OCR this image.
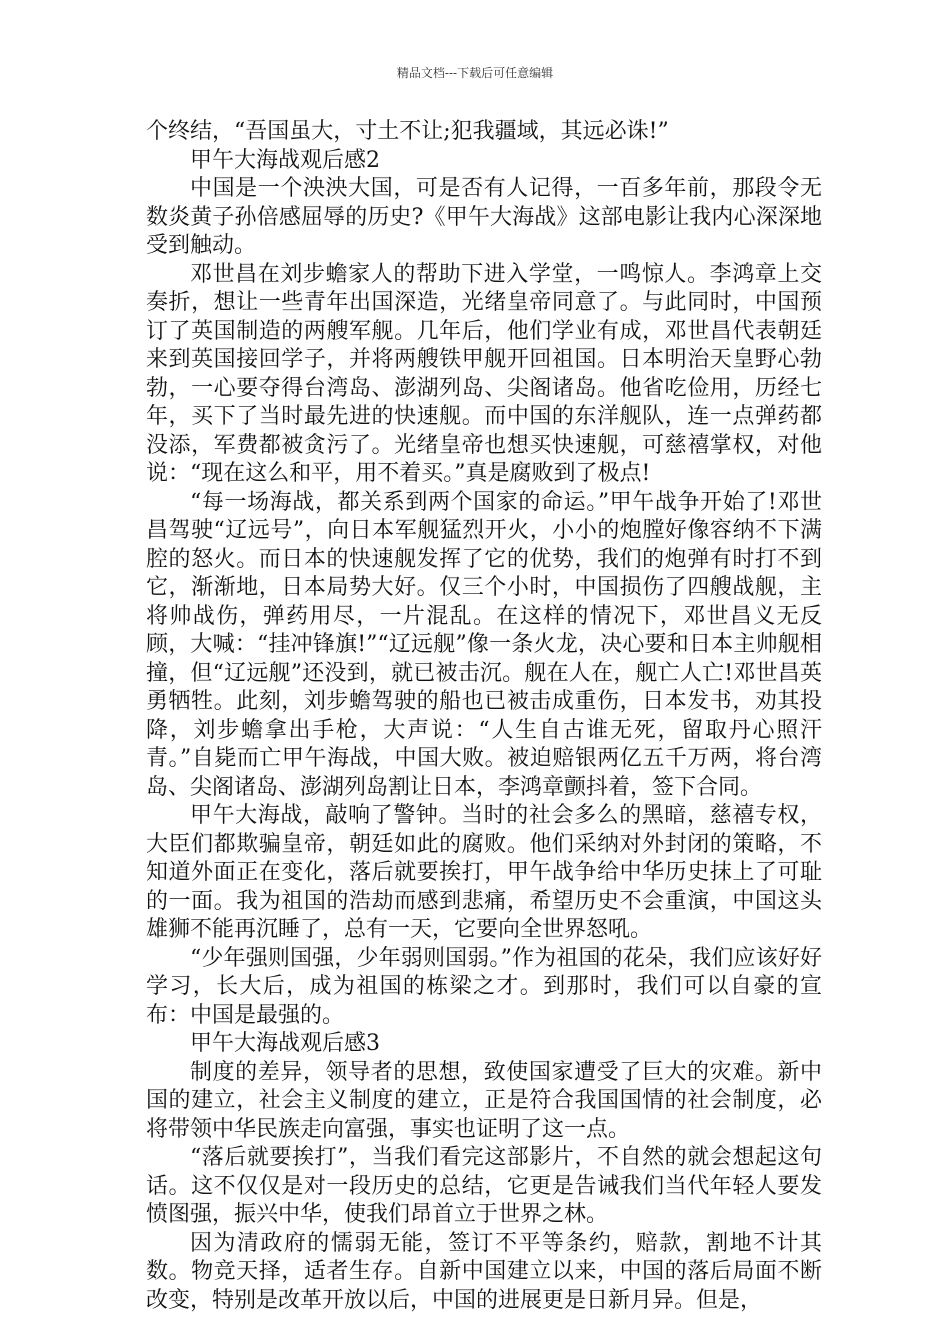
精品文档---下载后可任意编辑

个终结，“吾国虽大，寸土不让;犯我疆域，其远必诛!”

甲午大海战观后感2

中国是一个泱泱大国，可是否有人记得，一百多年前，那段令无数炎黄子孙倍感屈辱的历史?《甲午大海战》这部电影让我内心深深地受到触动。

邓世昌在刘步蟾家人的帮助下进入学堂，一鸣惊人。李鸿章上交奏折，想让一些青年出国深造，光绪皇帝同意了。与此同时，中国预订了英国制造的两艘军舰。几年后，他们学业有成，邓世昌代表朝廷来到英国接回学子，并将两艘铁甲舰开回祖国。日本明治天皇野心勃勃，一心要夺得台湾岛、澎湖列岛、尖阁诸岛。他省吃俭用，历经七年，买下了当时最先进的快速舰。而中国的东洋舰队，连一点弹药都没添，军费都被贪污了。光绪皇帝也想买快速舰，可慈禧掌权，对他说：“现在这么和平，用不着买。”真是腐败到了极点!

“每一场海战，都关系到两个国家的命运。”甲午战争开始了!邓世昌驾驶“辽远号”，向日本军舰猛烈开火，小小的炮膛好像容纳不下满腔的怒火。而日本的快速舰发挥了它的优势，我们的炮弹有时打不到它，渐渐地，日本局势大好。仅三个小时，中国损伤了四艘战舰，主将帅战伤，弹药用尽，一片混乱。在这样的情况下，邓世昌义无反顾，大喊：“挂冲锋旗!”“辽远舰”像一条火龙，决心要和日本主帅舰相撞，但“辽远舰”还没到，就已被击沉。舰在人在，舰亡人亡!邓世昌英勇牺牲。此刻，刘步蟾驾驶的船也已被击成重伤，日本发书，劝其投降，刘步蟾拿出手枪，大声说：“人生自古谁无死，留取丹心照汗青。”自毙而亡甲午海战，中国大败。被迫赔银两亿五千万两，将台湾岛、尖阁诸岛、澎湖列岛割让日本，李鸿章颤抖着，签下合同。

甲午大海战，敲响了警钟。当时的社会多么的黑暗，慈禧专权，大臣们都欺骗皇帝，朝廷如此的腐败。他们采纳对外封闭的策略，不知道外面正在变化，落后就要挨打，甲午战争给中华历史抹上了可耻的一面。我为祖国的浩劫而感到悲痛，希望历史不会重演，中国这头雄狮不能再沉睡了，总有一天，它要向全世界怒吼。

“少年强则国强，少年弱则国弱。”作为祖国的花朵，我们应该好好学习，长大后，成为祖国的栋梁之才。到那时，我们可以自豪的宣布：中国是最强的。

甲午大海战观后感3

制度的差异，领导者的思想，致使国家遭受了巨大的灾难。新中国的建立，社会主义制度的建立，正是符合我国国情的社会制度，必将带领中华民族走向富强，事实也证明了这一点。

“落后就要挨打”，当我们看完这部影片，不自然的就会想起这句话。这不仅仅是对一段历史的总结，它更是告诫我们当代年轻人要发愤图强，振兴中华，使我们昂首立于世界之林。

因为清政府的懦弱无能，签订不平等条约，赔款，割地不计其数。物竞天择，适者生存。自新中国建立以来，中国的落后局面不断改变，特别是改革开放以后，中国的进展更是日新月异。但是，
